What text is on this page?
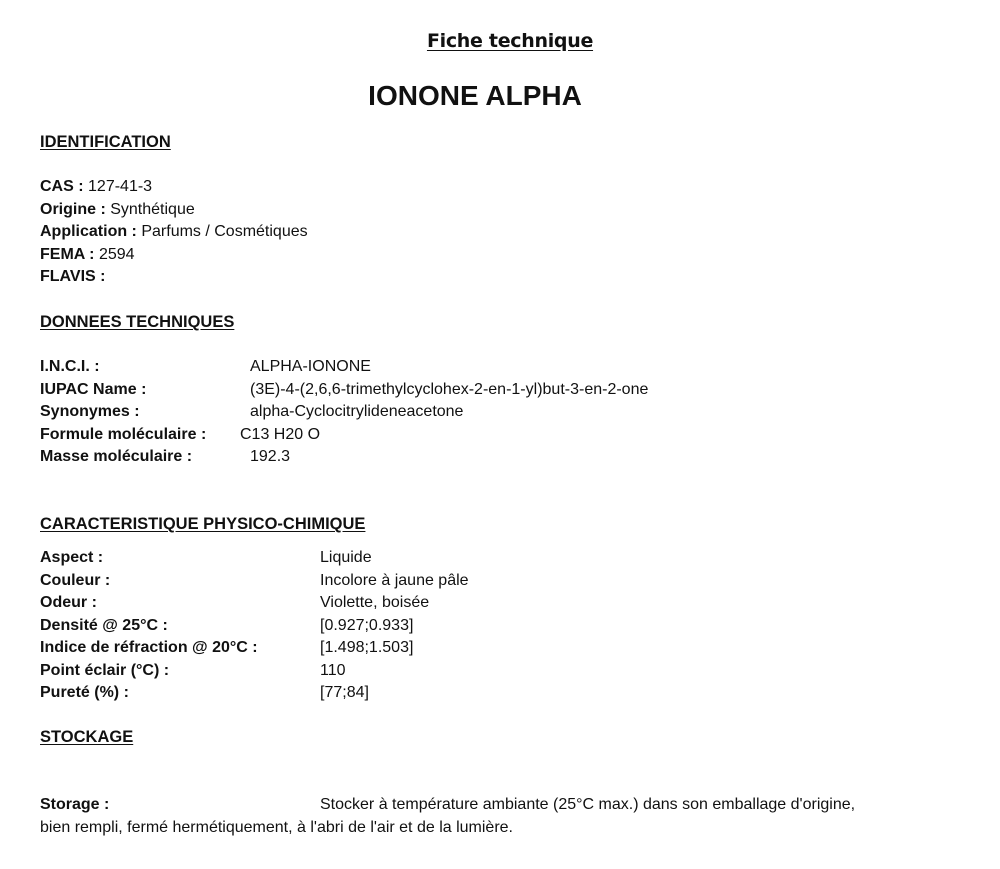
Fiche technique
IONONE ALPHA
IDENTIFICATION
CAS : 127-41-3
Origine : Synthétique
Application : Parfums / Cosmétiques
FEMA : 2594
FLAVIS :
DONNEES TECHNIQUES
I.N.C.I. :	ALPHA-IONONE
IUPAC Name :	(3E)-4-(2,6,6-trimethylcyclohex-2-en-1-yl)but-3-en-2-one
Synonymes :	alpha-Cyclocitrylideneacetone
Formule moléculaire : C13 H20 O
Masse moléculaire :	192.3
CARACTERISTIQUE PHYSICO-CHIMIQUE
Aspect :	Liquide
Couleur :	Incolore à jaune pâle
Odeur :	Violette, boisée
Densité @ 25°C :	[0.927;0.933]
Indice de réfraction @ 20°C :	[1.498;1.503]
Point éclair (°C) :	110
Pureté (%) :	[77;84]
STOCKAGE
Storage :	Stocker à température ambiante (25°C max.) dans son emballage d'origine,
bien rempli, fermé hermétiquement, à l'abri de l'air et de la lumière.
